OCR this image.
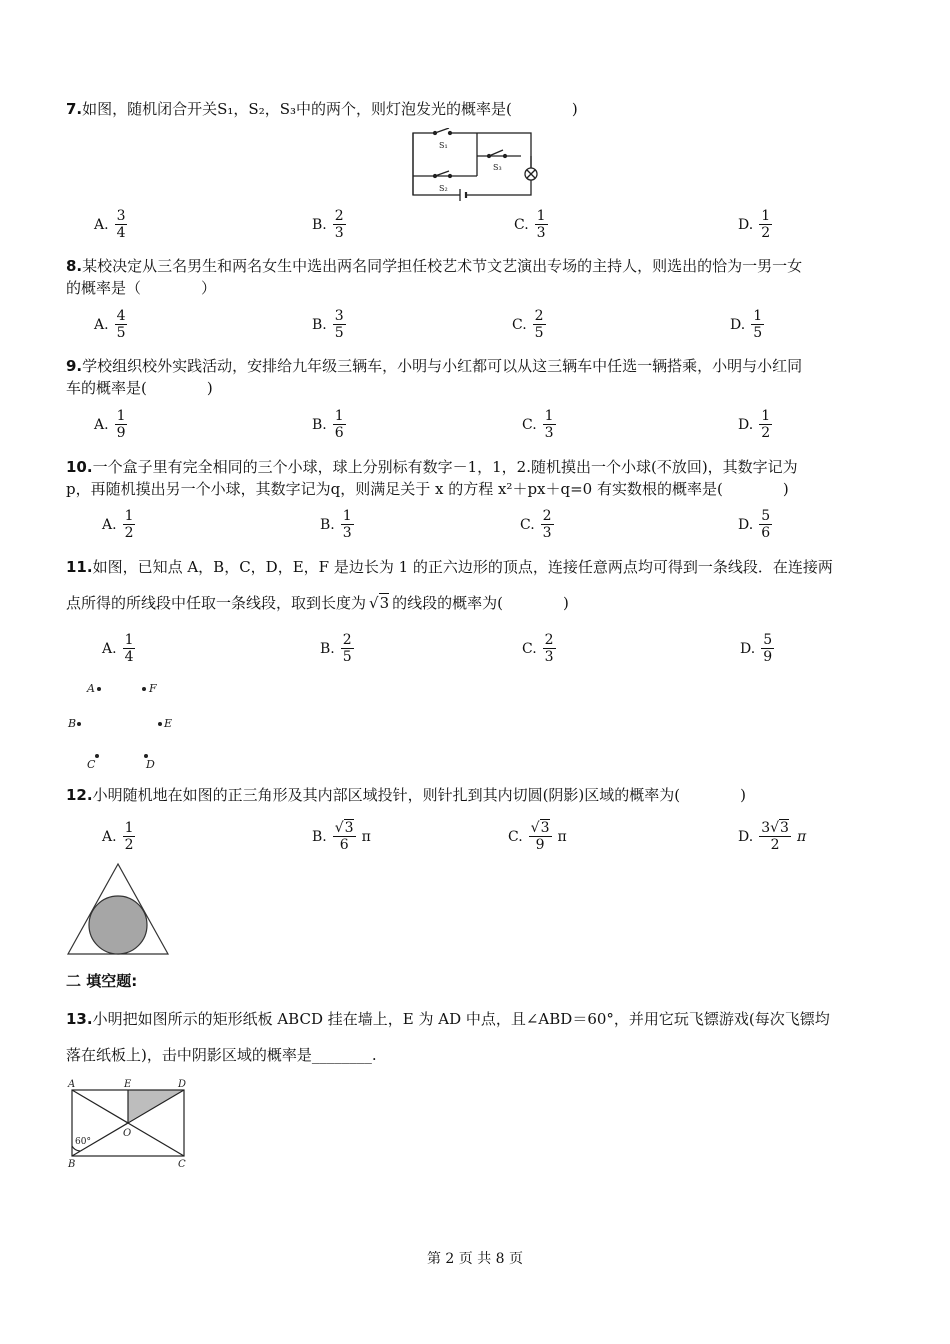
7.如图，随机闭合开关S₁，S₂，S₃中的两个，则灯泡发光的概率是(　　　　)
S₁
S₂
S₃
A. $\frac{3}{4}$	B. $\frac{2}{3}$	C. $\frac{1}{3}$	D. $\frac{1}{2}$
8.某校决定从三名男生和两名女生中选出两名同学担任校艺术节文艺演出专场的主持人，则选出的恰为一男一女
的概率是（　　　　）
A. $\frac{4}{5}$	B. $\frac{3}{5}$	C. $\frac{2}{5}$	D. $\frac{1}{5}$
9.学校组织校外实践活动，安排给九年级三辆车，小明与小红都可以从这三辆车中任选一辆搭乘，小明与小红同
车的概率是(　　　　)
A. $\frac{1}{9}$	B. $\frac{1}{6}$	C. $\frac{1}{3}$	D. $\frac{1}{2}$
10.一个盒子里有完全相同的三个小球，球上分别标有数字－1，1，2.随机摸出一个小球(不放回)，其数字记为
p，再随机摸出另一个小球，其数字记为q，则满足关于 x 的方程 x²＋px＋q=0 有实数根的概率是(　　　　)
A. $\frac{1}{2}$	B. $\frac{1}{3}$	C. $\frac{2}{3}$	D. $\frac{5}{6}$
11.如图，已知点 A，B，C，D，E，F 是边长为 1 的正六边形的顶点，连接任意两点均可得到一条线段．在连接两
点所得的所线段中任取一条线段，取到长度为 √3 的线段的概率为(　　　　)
A. $\frac{1}{4}$	B. $\frac{2}{5}$	C. $\frac{2}{3}$	D. $\frac{5}{9}$
A	F
B	E
C	D
12.小明随机地在如图的正三角形及其内部区域投针，则针扎到其内切圆(阴影)区域的概率为(　　　　)
A. $\frac{1}{2}$	B. $\frac{√3}{6}$ π	C. $\frac{√3}{9}$ π	D. $\frac{3√3}{2}$ π
二 填空题:
13.小明把如图所示的矩形纸板 ABCD 挂在墙上，E 为 AD 中点，且∠ABD＝60°，并用它玩飞镖游戏(每次飞镖均
落在纸板上)，击中阴影区域的概率是________.
A	E	D
O
B	C
60°
第 2 页 共 8 页
